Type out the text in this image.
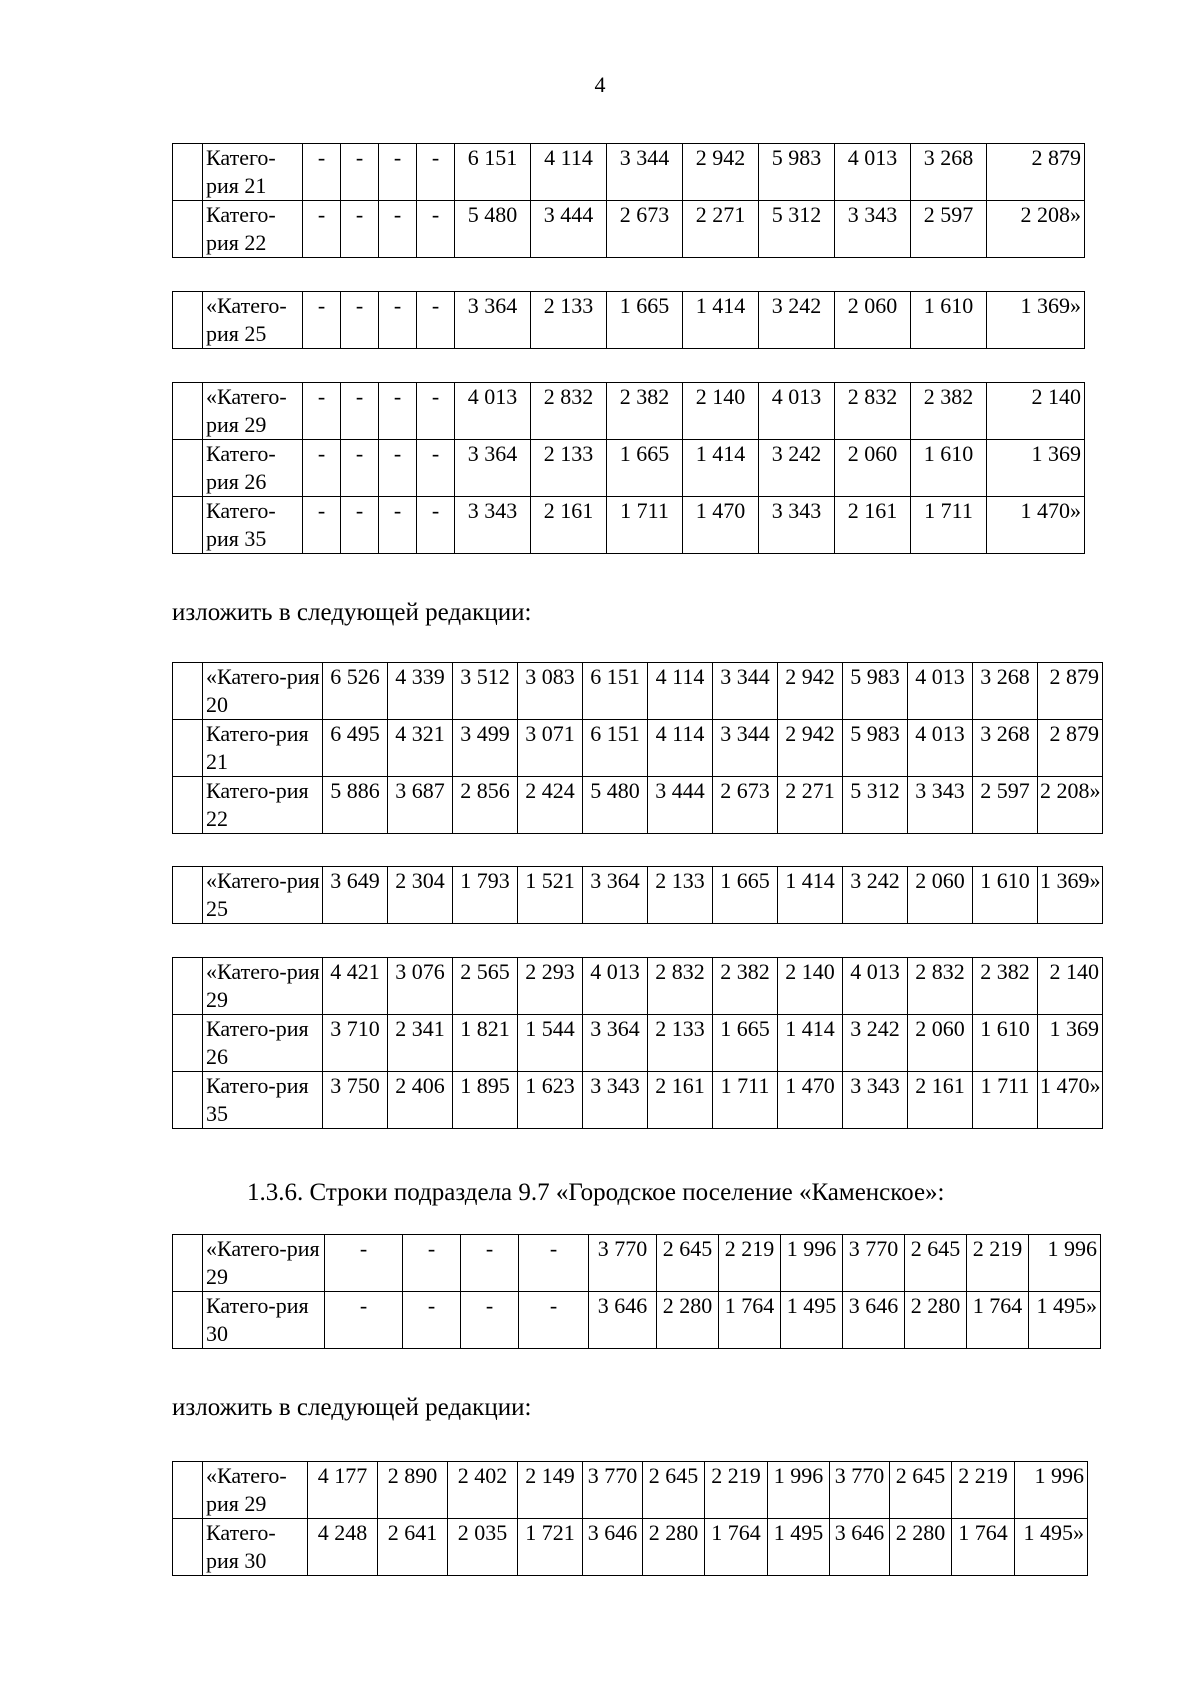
4
	Катего-рия 21	-	-	-	-	6 151	4 114	3 344	2 942	5 983	4 013	3 268	2 879
	Катего-рия 22	-	-	-	-	5 480	3 444	2 673	2 271	5 312	3 343	2 597	2 208»
	«Катего-рия 25	-	-	-	-	3 364	2 133	1 665	1 414	3 242	2 060	1 610	1 369»
	«Катего-рия 29	-	-	-	-	4 013	2 832	2 382	2 140	4 013	2 832	2 382	2 140
	Катего-рия 26	-	-	-	-	3 364	2 133	1 665	1 414	3 242	2 060	1 610	1 369
	Катего-рия 35	-	-	-	-	3 343	2 161	1 711	1 470	3 343	2 161	1 711	1 470»
изложить в следующей редакции:
	«Катего-рия 20	6 526	4 339	3 512	3 083	6 151	4 114	3 344	2 942	5 983	4 013	3 268	2 879
	Катего-рия 21	6 495	4 321	3 499	3 071	6 151	4 114	3 344	2 942	5 983	4 013	3 268	2 879
	Катего-рия 22	5 886	3 687	2 856	2 424	5 480	3 444	2 673	2 271	5 312	3 343	2 597	2 208»
	«Катего-рия 25	3 649	2 304	1 793	1 521	3 364	2 133	1 665	1 414	3 242	2 060	1 610	1 369»
	«Катего-рия 29	4 421	3 076	2 565	2 293	4 013	2 832	2 382	2 140	4 013	2 832	2 382	2 140
	Катего-рия 26	3 710	2 341	1 821	1 544	3 364	2 133	1 665	1 414	3 242	2 060	1 610	1 369
	Катего-рия 35	3 750	2 406	1 895	1 623	3 343	2 161	1 711	1 470	3 343	2 161	1 711	1 470»
1.3.6. Строки подраздела 9.7 «Городское поселение «Каменское»:
	«Катего-рия 29	-	-	-	-	3 770	2 645	2 219	1 996	3 770	2 645	2 219	1 996
	Катего-рия 30	-	-	-	-	3 646	2 280	1 764	1 495	3 646	2 280	1 764	1 495»
изложить в следующей редакции:
	«Катего-рия 29	4 177	2 890	2 402	2 149	3 770	2 645	2 219	1 996	3 770	2 645	2 219	1 996
	Катего-рия 30	4 248	2 641	2 035	1 721	3 646	2 280	1 764	1 495	3 646	2 280	1 764	1 495»
